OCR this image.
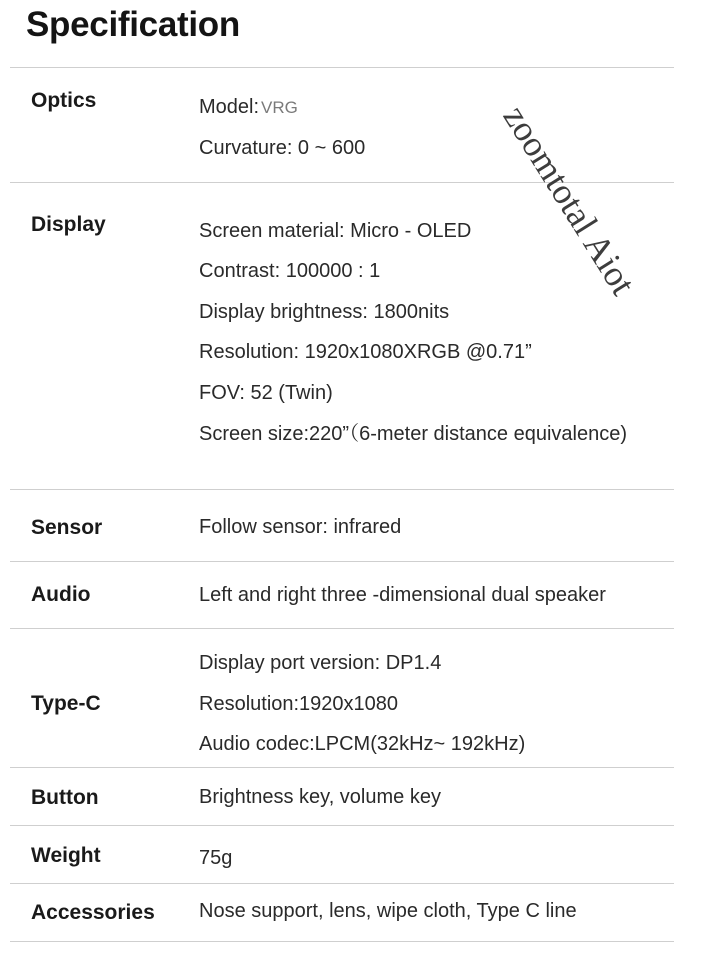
Specification
Optics	Model: VRG
Curvature: 0 ~ 600
Display	Screen material: Micro - OLED
Contrast: 100000 : 1
Display brightness: 1800nits
Resolution: 1920x1080XRGB @0.71”
FOV: 52 (Twin)
Screen size:220”（6-meter distance equivalence)
Sensor	Follow sensor: infrared
Audio	Left and right three -dimensional dual speaker
Type-C
Display port version: DP1.4
Resolution:1920x1080
Audio codec:LPCM(32kHz~ 192kHz)
Button	Brightness key, volume key
Weight	75g
Accessories Nose support, lens, wipe cloth, Type C line
zoomtotal Aiot
